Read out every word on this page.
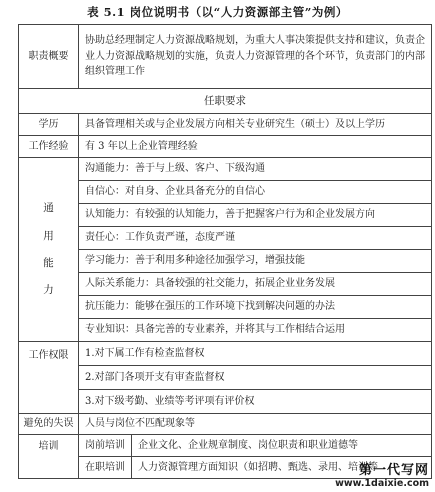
表 5.1 岗位说明书（以“人力资源部主管”为例）
职责概要	协助总经理制定人力资源战略规划，为重大人事决策提供支持和建议，负责企业人力资源战略规划的实施，负责人力资源管理的各个环节，负责部门的内部组织管理工作	
任职要求		
学历	具备管理相关或与企业发展方向相关专业研究生（硕士）及以上学历	
工作经验	有 3 年以上企业管理经验	

通
用
能
力	沟通能力：善于与上级、客户、下级沟通	
	自信心：对自身、企业具备充分的自信心	
	认知能力：有较强的认知能力，善于把握客户行为和企业发展方向	
	责任心：工作负责严谨，态度严谨	
	学习能力：善于利用多种途径加强学习，增强技能	
	人际关系能力：具备较强的社交能力，拓展企业业务发展	
	抗压能力：能够在强压的工作环境下找到解决问题的办法	
	专业知识：具备完善的专业素养，并将其与工作相结合运用	
工作权限	1.对下属工作有检查监督权	
	2.对部门各项开支有审查监督权	
	3.对下级考勤、业绩等考评项有评价权	
避免的失误	人员与岗位不匹配现象等	
培训	岗前培训	企业文化、企业规章制度、岗位职责和职业道德等
	在职培训	人力资源管理方面知识（如招聘、甄选、录用、培训等
第一代写网
www.1daixie.com
